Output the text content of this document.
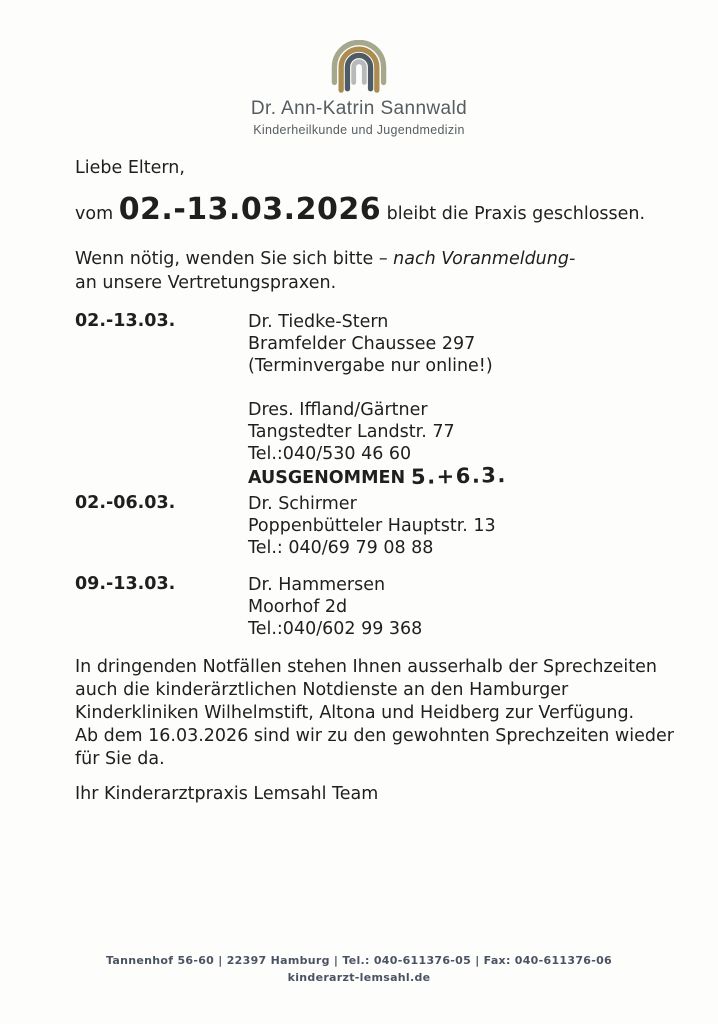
Dr. Ann-Katrin Sannwald
Kinderheilkunde und Jugendmedizin
Liebe Eltern,
vom 02.-13.03.2026 bleibt die Praxis geschlossen.
Wenn nötig, wenden Sie sich bitte – nach Voranmeldung-
an unsere Vertretungspraxen.
02.-13.03.	Dr. Tiedke-Stern
Bramfelder Chaussee 297
(Terminvergabe nur online!)
Dres. Iffland/Gärtner
Tangstedter Landstr. 77
Tel.:040/530 46 60
AUSGENOMMEN 5.+6.3.
02.-06.03.	Dr. Schirmer
Poppenbütteler Hauptstr. 13
Tel.: 040/69 79 08 88
09.-13.03.	Dr. Hammersen
Moorhof 2d
Tel.:040/602 99 368
In dringenden Notfällen stehen Ihnen ausserhalb der Sprechzeiten
auch die kinderärztlichen Notdienste an den Hamburger
Kinderkliniken Wilhelmstift, Altona und Heidberg zur Verfügung.
Ab dem 16.03.2026 sind wir zu den gewohnten Sprechzeiten wieder
für Sie da.
Ihr Kinderarztpraxis Lemsahl Team
Tannenhof 56-60 | 22397 Hamburg | Tel.: 040-611376-05 | Fax: 040-611376-06
kinderarzt-lemsahl.de
